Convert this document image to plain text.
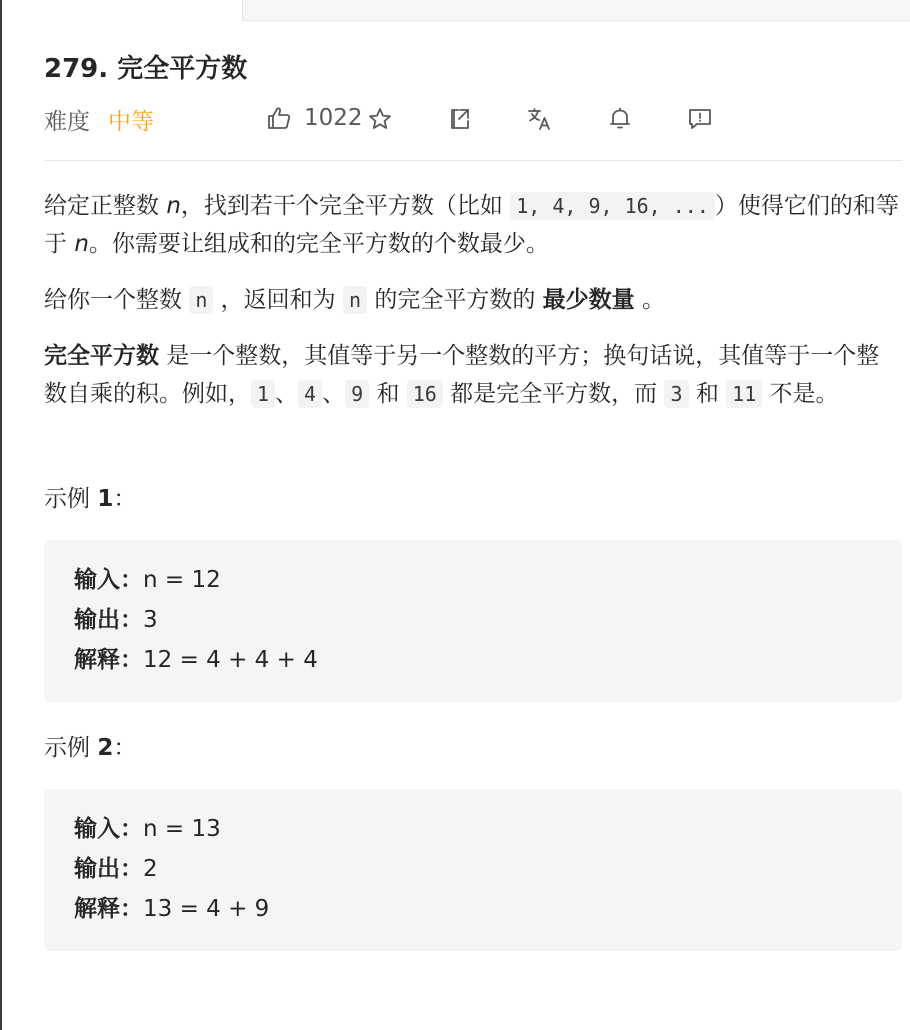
279. 完全平方数
难度 中等	1022

给定正整数 n，找到若干个完全平方数（比如 1, 4, 9, 16, ... ）使得它们的和等于 n。你需要让组成和的完全平方数的个数最少。

给你一个整数 n ，返回和为 n 的完全平方数的 最少数量 。

完全平方数 是一个整数，其值等于另一个整数的平方；换句话说，其值等于一个整数自乘的积。例如， 1 、 4 、 9 和 16 都是完全平方数，而 3 和 11 不是。

示例 1：
输入：n = 12
输出：3
解释：12 = 4 + 4 + 4
示例 2：
输入：n = 13
输出：2
解释：13 = 4 + 9
